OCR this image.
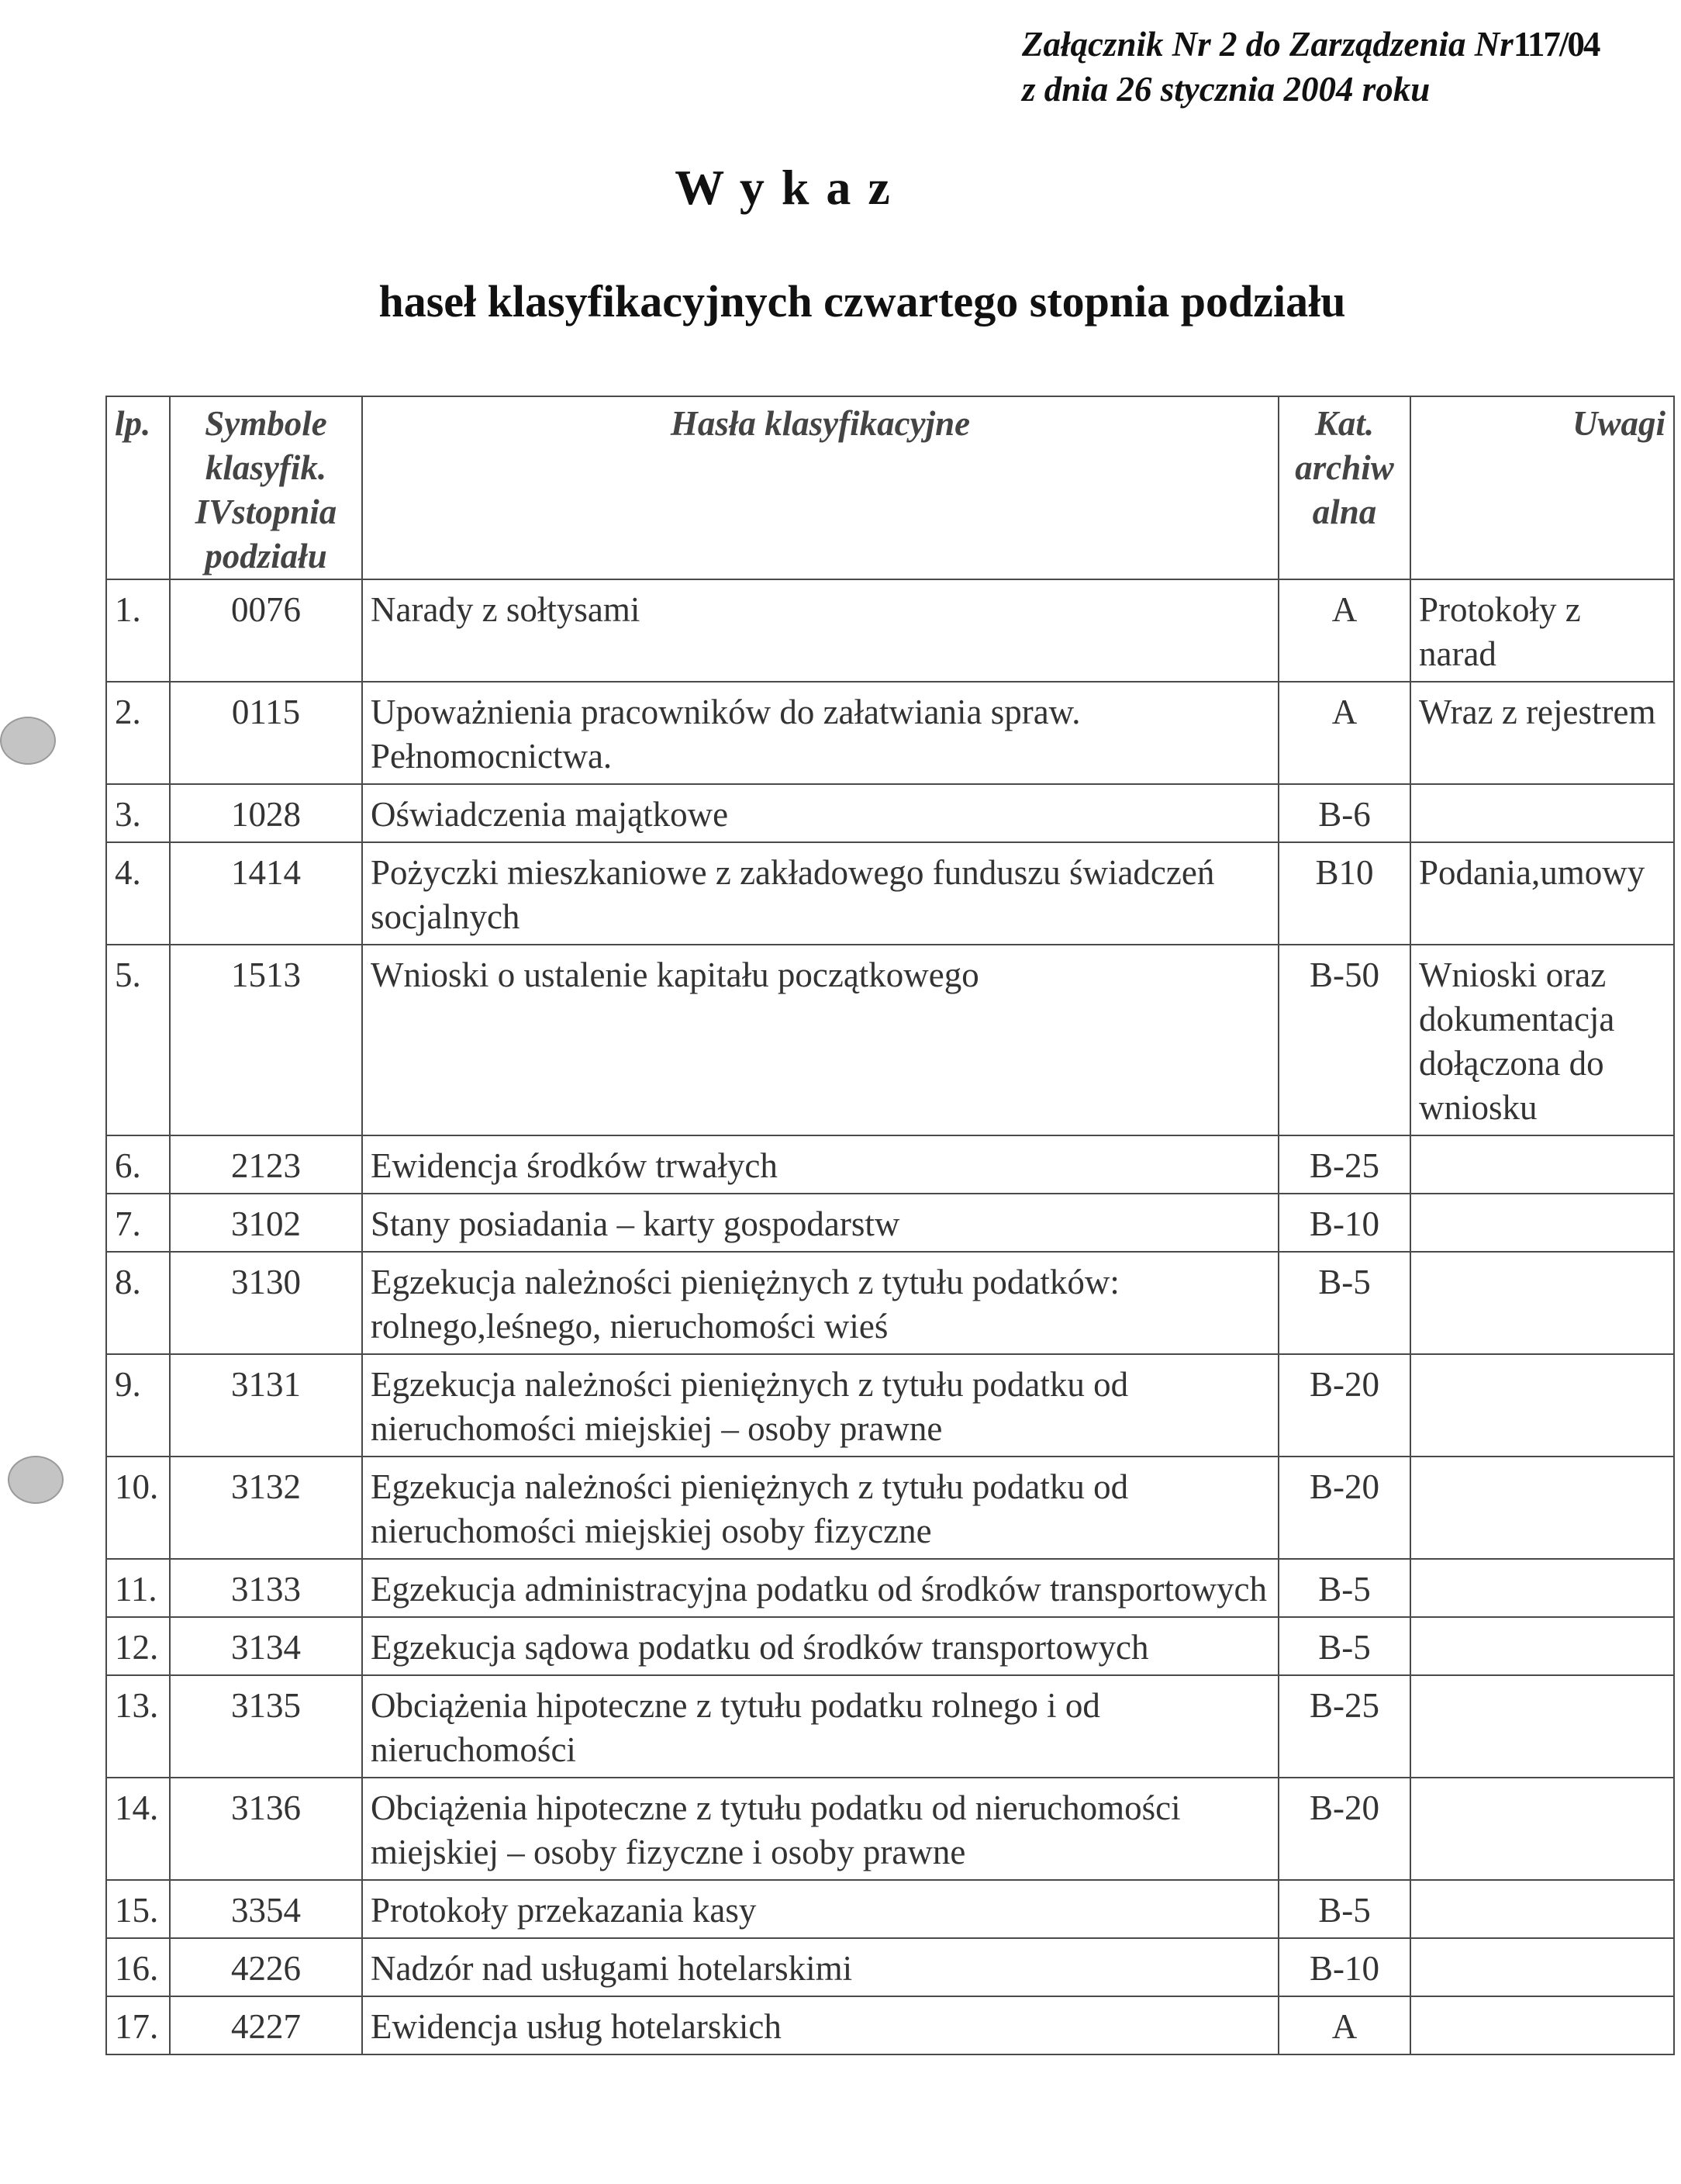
Załącznik Nr 2 do Zarządzenia Nr117/04
z dnia 26 stycznia 2004 roku
Wykaz
haseł klasyfikacyjnych czwartego stopnia podziału
lp.	Symbole klasyfik. IVstopnia podziału	Hasła klasyfikacyjne	Kat. archiw alna	Uwagi
1.	0076	Narady z sołtysami	A	Protokoły z narad
2.	0115	Upoważnienia pracowników do załatwiania spraw. Pełnomocnictwa.	A	Wraz z rejestrem
3.	1028	Oświadczenia majątkowe	B-6	
4.	1414	Pożyczki mieszkaniowe z zakładowego funduszu świadczeń socjalnych	B10	Podania,umowy
5.	1513	Wnioski o ustalenie kapitału początkowego	B-50	Wnioski oraz dokumentacja dołączona do wniosku
6.	2123	Ewidencja środków trwałych	B-25	
7.	3102	Stany posiadania – karty gospodarstw	B-10	
8.	3130	Egzekucja należności pieniężnych z tytułu podatków: rolnego,leśnego, nieruchomości wieś	B-5	
9.	3131	Egzekucja należności pieniężnych z tytułu podatku od nieruchomości miejskiej – osoby prawne	B-20	
10.	3132	Egzekucja należności pieniężnych z tytułu podatku od nieruchomości miejskiej osoby fizyczne	B-20	
11.	3133	Egzekucja administracyjna podatku od środków transportowych	B-5	
12.	3134	Egzekucja sądowa podatku od środków transportowych	B-5	
13.	3135	Obciążenia hipoteczne z tytułu podatku rolnego i od nieruchomości	B-25	
14.	3136	Obciążenia hipoteczne z tytułu podatku od nieruchomości miejskiej – osoby fizyczne i osoby prawne	B-20	
15.	3354	Protokoły przekazania kasy	B-5	
16.	4226	Nadzór nad usługami hotelarskimi	B-10	
17.	4227	Ewidencja usług hotelarskich	A	
